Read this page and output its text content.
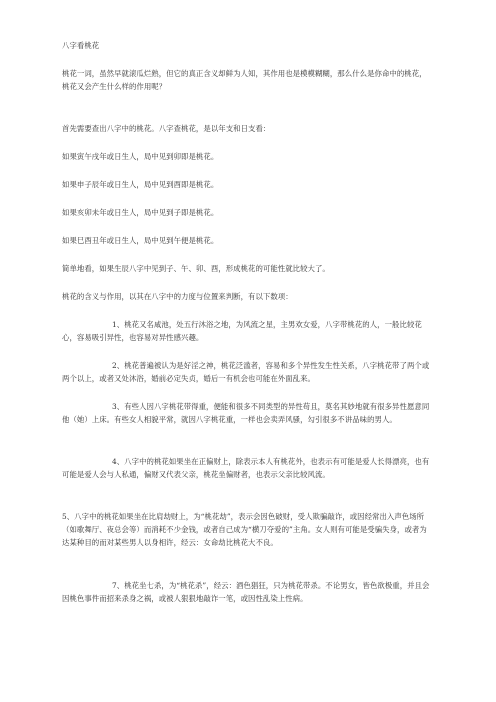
八字看桃花
桃花一词，虽然早就滚瓜烂熟，但它的真正含义却鲜为人知，其作用也是模模糊糊，那么什么是你命中的桃花，桃花又会产生什么样的作用呢？
首先需要查出八字中的桃花。八字查桃花，是以年支和日支看：
如果寅午戌年或日生人，局中见到卯即是桃花。
如果申子辰年或日生人，局中见到酉即是桃花。
如果亥卯未年或日生人，局中见到子即是桃花。
如果巳酉丑年或日生人，局中见到午便是桃花。
简单地看，如果生辰八字中见到子、午、卯、酉，形成桃花的可能性就比较大了。
桃花的含义与作用，以其在八字中的力度与位置来判断，有以下数项：
1、桃花又名咸池，处五行沐浴之地，为风流之星，主男欢女爱，八字带桃花的人，一般比较花心，容易吸引异性，也容易对异性感兴趣。
2、桃花普遍被认为是好淫之神，桃花泛滥者，容易和多个异性发生性关系，八字桃花带了两个或两个以上，或者又处沐浴，婚前必定失贞，婚后一有机会也可能在外面乱来。
3、有些人因八字桃花带得重，便能和很多不同类型的异性苟且，莫名其妙地就有很多异性愿意同他（她）上床。有些女人相貌平常，就因八字桃花重，一样也会卖弄风骚，勾引很多不讲品味的男人。
4、八字中的桃花如果坐在正偏财上，除表示本人有桃花外，也表示有可能是爱人长得漂亮，也有可能是爱人会与人私通，偏财又代表父亲，桃花坐偏财者，也表示父亲比较风流。
5、八字中的桃花如果坐在比肩劫财上，为“桃花劫”，表示会因色破财，受人欺骗敲诈，或因经常出入声色场所（如歌舞厅、夜总会等）而消耗不少金钱，或者自己成为“横刀夺爱的”主角。女人则有可能是受骗失身，或者为达某种目的而对某些男人以身相许，经云：女命劫比桃花大不良。
7、桃花坐七杀，为“桃花杀”，经云：酒色猖狂，只为桃花带杀。不论男女，皆色欲极重，并且会因桃色事件而招来杀身之祸，或被人狠狠地敲诈一笔，或因性乱染上性病。
